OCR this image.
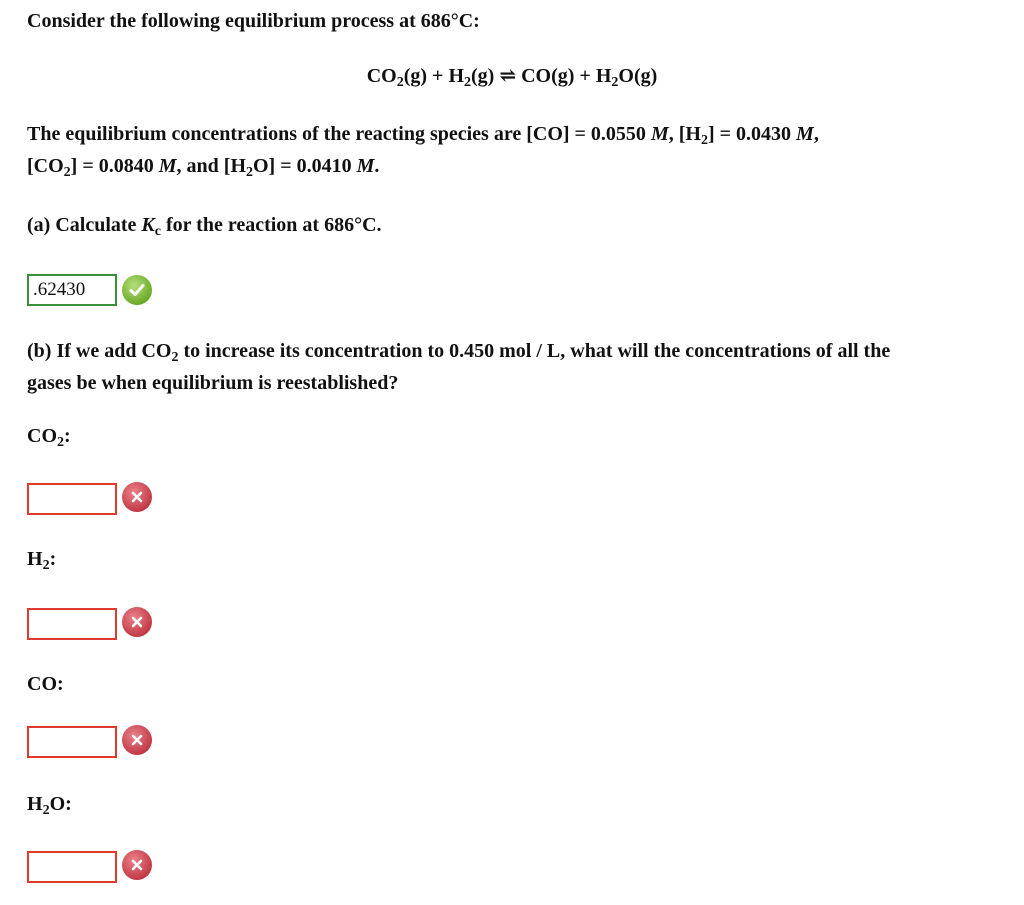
Consider the following equilibrium process at 686°C:
$CO_2(g) + H_2(g)$ ⇌ $CO(g) + H_2O(g)$
The equilibrium concentrations of the reacting species are [CO] = 0.0550 M, $[H_2] = 0.0430$ M,
$[CO_2] = 0.0840$ M, and $[H_2O] = 0.0410$ M.
(a) Calculate $K_c$ for the reaction at 686°C.
.62430
(b) If we add $CO_2$ to increase its concentration to 0.450 mol / L, what will the concentrations of all the
gases be when equilibrium is reestablished?
$CO_2$:
$H_2$:
CO:
$H_2O$:
